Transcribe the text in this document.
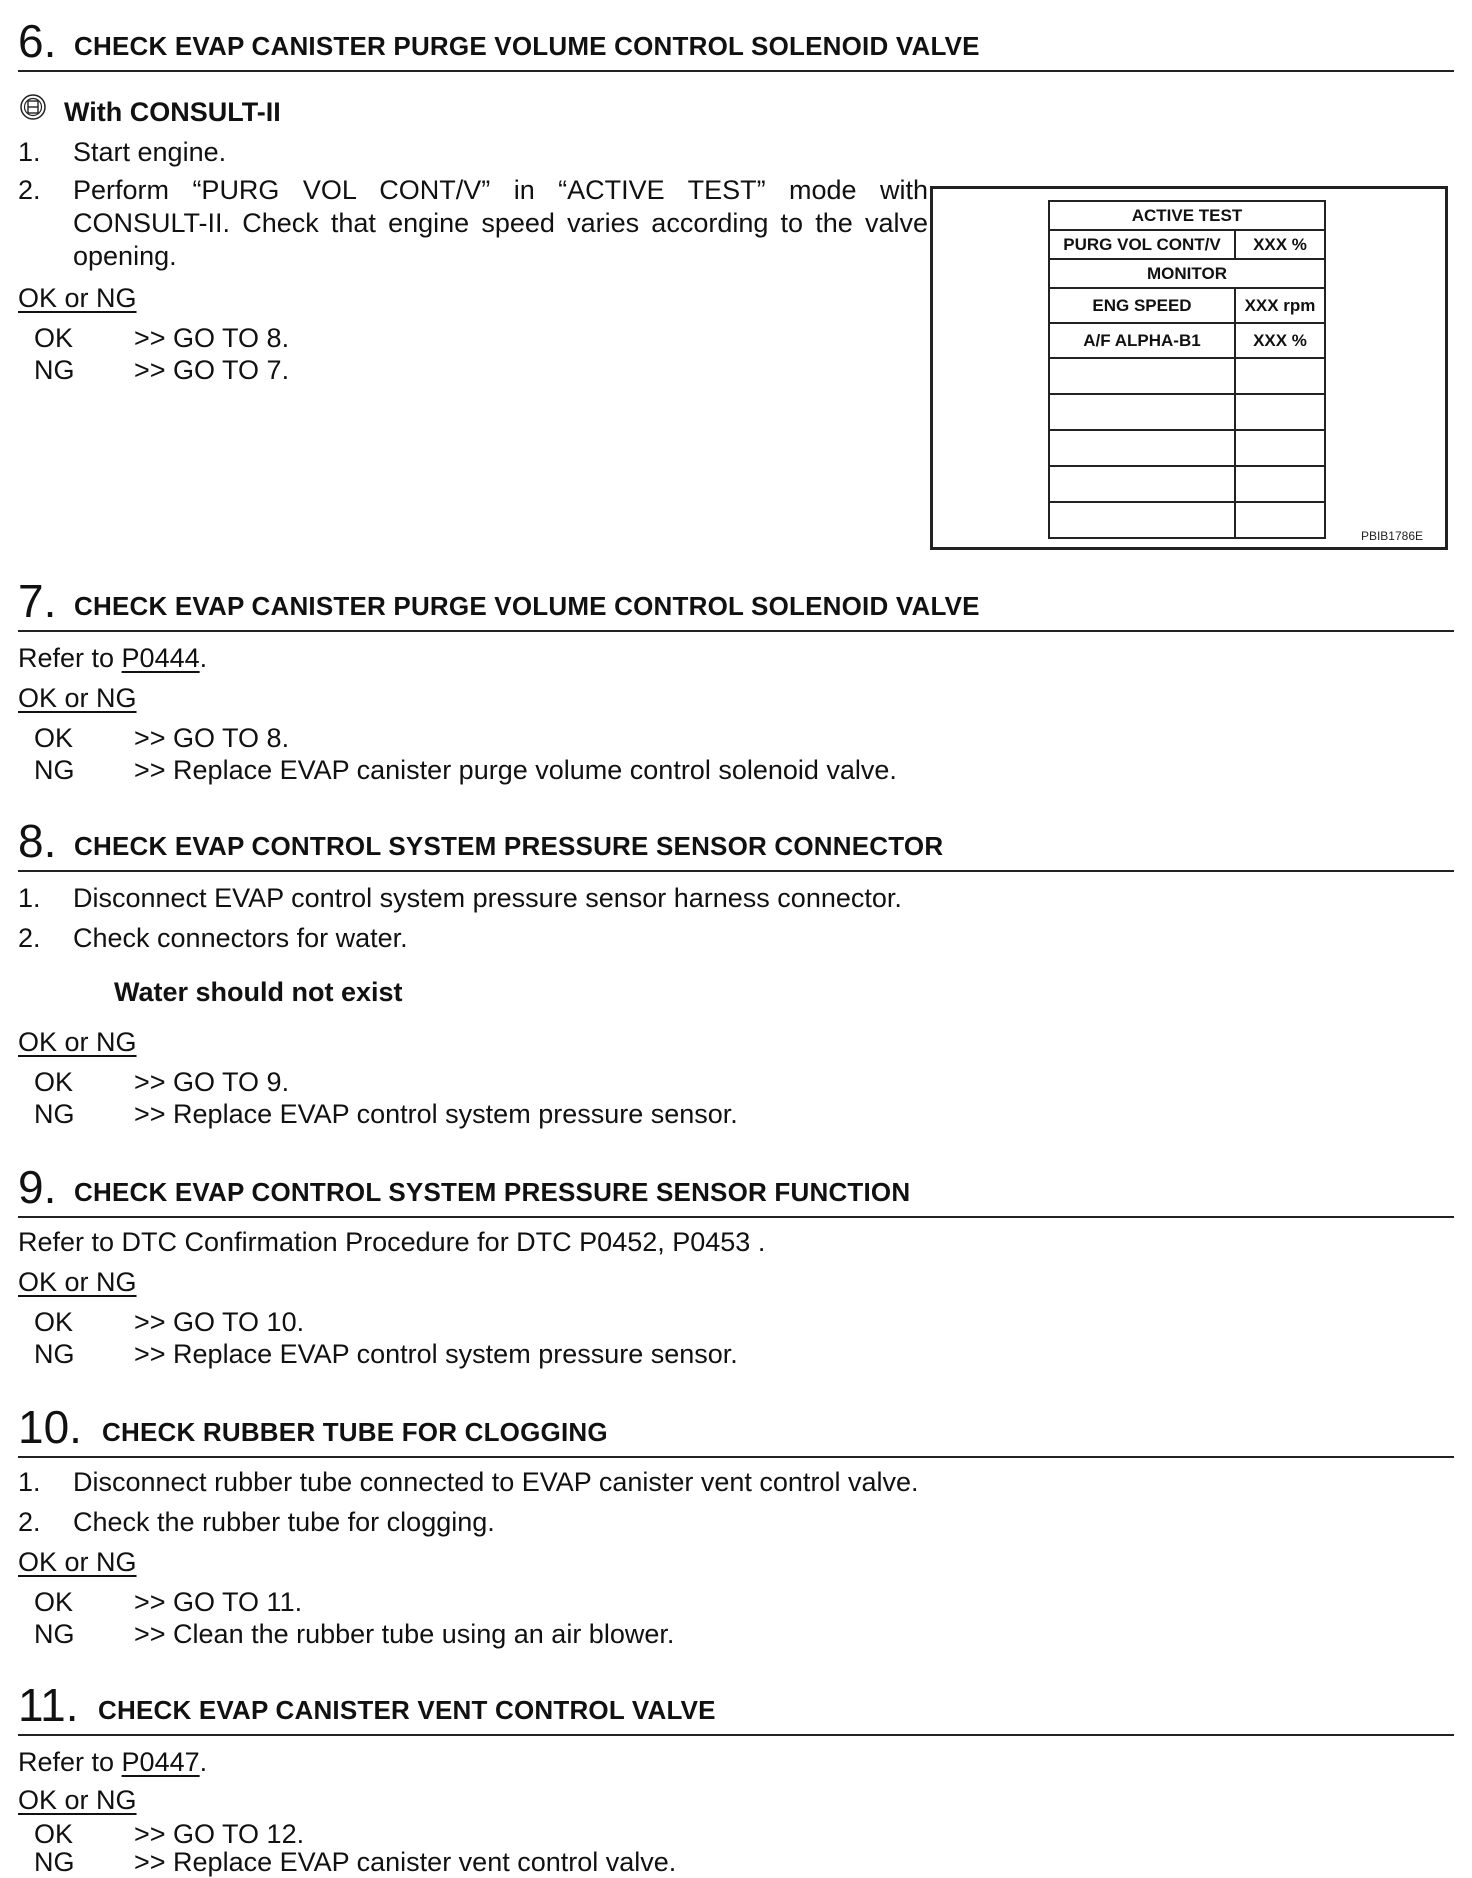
6. CHECK EVAP CANISTER PURGE VOLUME CONTROL SOLENOID VALVE
With CONSULT-II
1. Start engine.
2. Perform “PURG VOL CONT/V” in “ACTIVE TEST” mode with CONSULT-II. Check that engine speed varies according to the valve opening.
OK or NG
OK >> GO TO 8.
NG >> GO TO 7.
ACTIVE TEST	
PURG VOL CONT/V	XXX %
MONITOR	
ENG SPEED	XXX rpm
A/F ALPHA-B1	XXX %

PBIB1786E
7. CHECK EVAP CANISTER PURGE VOLUME CONTROL SOLENOID VALVE
Refer to P0444.
OK or NG
OK >> GO TO 8.
NG >> Replace EVAP canister purge volume control solenoid valve.
8. CHECK EVAP CONTROL SYSTEM PRESSURE SENSOR CONNECTOR
1. Disconnect EVAP control system pressure sensor harness connector.
2. Check connectors for water.
Water should not exist
OK or NG
OK >> GO TO 9.
NG >> Replace EVAP control system pressure sensor.
9. CHECK EVAP CONTROL SYSTEM PRESSURE SENSOR FUNCTION
Refer to DTC Confirmation Procedure for DTC P0452, P0453 .
OK or NG
OK >> GO TO 10.
NG >> Replace EVAP control system pressure sensor.
10. CHECK RUBBER TUBE FOR CLOGGING
1. Disconnect rubber tube connected to EVAP canister vent control valve.
2. Check the rubber tube for clogging.
OK or NG
OK >> GO TO 11.
NG >> Clean the rubber tube using an air blower.
11. CHECK EVAP CANISTER VENT CONTROL VALVE
Refer to P0447.
OK or NG
OK >> GO TO 12.
NG >> Replace EVAP canister vent control valve.
